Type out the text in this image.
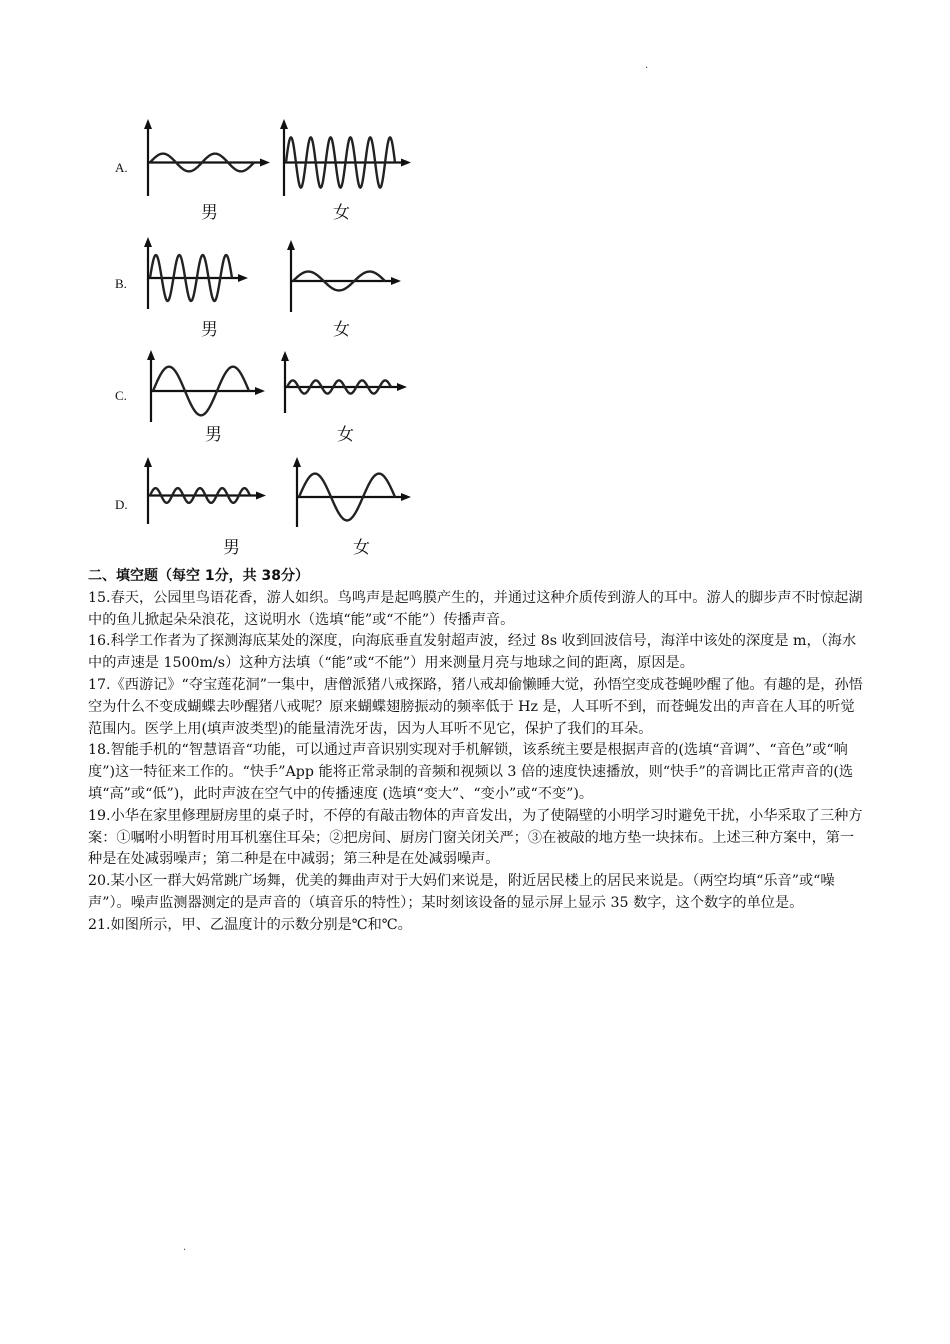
·
A.
男	女
B.
男	女
C.
男	女
D.
男	女

二、填空题（每空 1分，共 38分）

15.春天，公园里鸟语花香，游人如织。鸟鸣声是起鸣膜产生的，并通过这种介质传到游人的耳中。游人的脚步声不时惊起湖中的鱼儿掀起朵朵浪花，这说明水（选填“能”或“不能”）传播声音。

16.科学工作者为了探测海底某处的深度，向海底垂直发射超声波，经过 8s 收到回波信号，海洋中该处的深度是 m，（海水中的声速是 1500m/s）这种方法填（“能”或“不能”）用来测量月亮与地球之间的距离，原因是。

17.《西游记》“夺宝莲花洞”一集中，唐僧派猪八戒探路，猪八戒却偷懒睡大觉，孙悟空变成苍蝇吵醒了他。有趣的是，孙悟空为什么不变成蝴蝶去吵醒猪八戒呢？原来蝴蝶翅膀振动的频率低于 Hz 是，人耳听不到，而苍蝇发出的声音在人耳的听觉范围内。医学上用(填声波类型)的能量清洗牙齿，因为人耳听不见它，保护了我们的耳朵。

18.智能手机的“智慧语音“功能，可以通过声音识别实现对手机解锁，该系统主要是根据声音的(选填“音调”、“音色”或“响度”)这一特征来工作的。“快手”App 能将正常录制的音频和视频以 3 倍的速度快速播放，则“快手”的音调比正常声音的(选填“高”或“低”)，此时声波在空气中的传播速度 (选填“变大”、“变小”或“不变”)。

19.小华在家里修理厨房里的桌子时，不停的有敲击物体的声音发出，为了使隔壁的小明学习时避免干扰，小华采取了三种方案：①嘱咐小明暂时用耳机塞住耳朵；②把房间、厨房门窗关闭关严；③在被敲的地方垫一块抹布。上述三种方案中，第一种是在处减弱噪声；第二种是在中减弱；第三种是在处减弱噪声。

20.某小区一群大妈常跳广场舞，优美的舞曲声对于大妈们来说是，附近居民楼上的居民来说是。（两空均填“乐音”或“噪声”）。噪声监测器测定的是声音的（填音乐的特性）；某时刻该设备的显示屏上显示 35 数字，这个数字的单位是。

21.如图所示，甲、乙温度计的示数分别是℃和℃。

·
